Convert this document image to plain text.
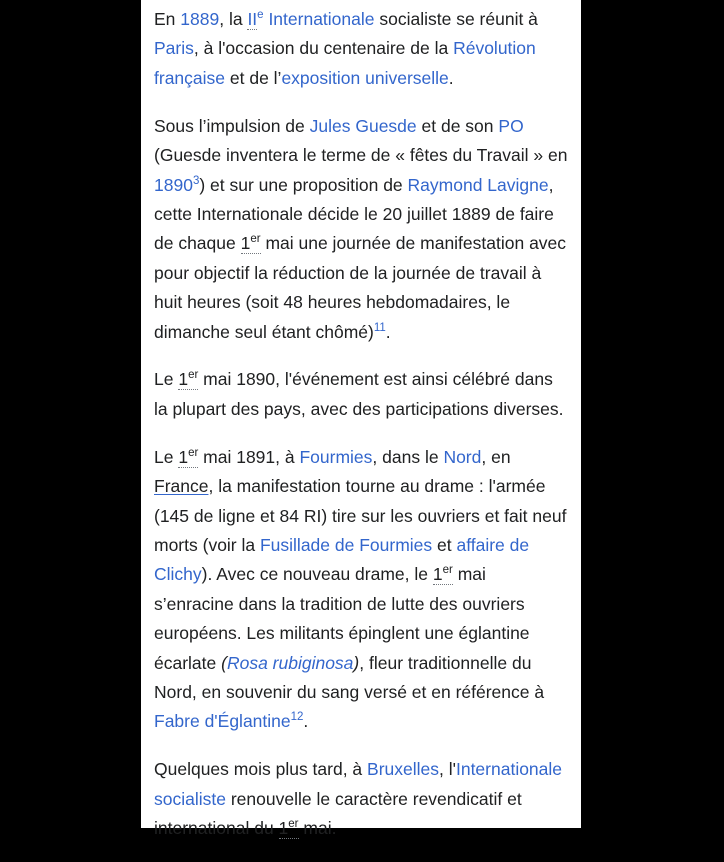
En 1889, la IIe Internationale socialiste se réunit à Paris, à l'occasion du centenaire de la Révolution française et de l’exposition universelle.

Sous l’impulsion de Jules Guesde et de son PO (Guesde inventera le terme de « fêtes du Travail » en 1890$^3$) et sur une proposition de Raymond Lavigne, cette Internationale décide le 20 juillet 1889 de faire de chaque 1er mai une journée de manifestation avec pour objectif la réduction de la journée de travail à huit heures (soit 48 heures hebdomadaires, le dimanche seul étant chômé)$^{11}$.

Le 1er mai 1890, l'événement est ainsi célébré dans la plupart des pays, avec des participations diverses.

Le 1er mai 1891, à Fourmies, dans le Nord, en France, la manifestation tourne au drame : l'armée (145 de ligne et 84 RI) tire sur les ouvriers et fait neuf morts (voir la Fusillade de Fourmies et affaire de Clichy). Avec ce nouveau drame, le 1er mai s’enracine dans la tradition de lutte des ouvriers européens. Les militants épinglent une églantine écarlate (Rosa rubiginosa), fleur traditionnelle du Nord, en souvenir du sang versé et en référence à Fabre d'Églantine$^{12}$.

Quelques mois plus tard, à Bruxelles, l'Internationale socialiste renouvelle le caractère revendicatif et international du 1er mai.
